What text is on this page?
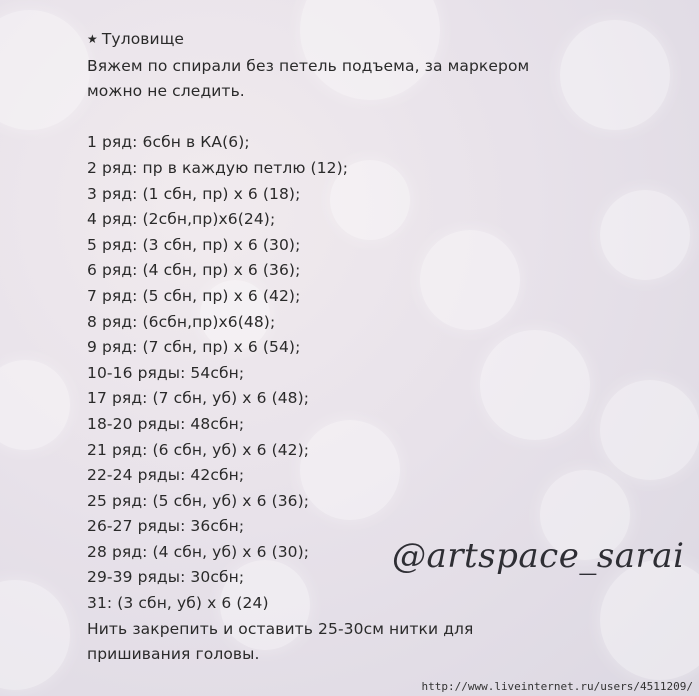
★ Туловище
Вяжем по спирали без петель подъема, за маркером
можно не следить.
1 ряд: 6сбн в КА(6);
2 ряд: пр в каждую петлю (12);
3 ряд: (1 сбн, пр) х 6 (18);
4 ряд: (2сбн,пр)х6(24);
5 ряд: (3 сбн, пр) х 6 (30);
6 ряд: (4 сбн, пр) х 6 (36);
7 ряд: (5 сбн, пр) х 6 (42);
8 ряд: (6сбн,пр)х6(48);
9 ряд: (7 сбн, пр) х 6 (54);
10-16 ряды: 54сбн;
17 ряд: (7 сбн, уб) х 6 (48);
18-20 ряды: 48сбн;
21 ряд: (6 сбн, уб) х 6 (42);
22-24 ряды: 42сбн;
25 ряд: (5 сбн, уб) х 6 (36);
26-27 ряды: 36сбн;
28 ряд: (4 сбн, уб) х 6 (30);
29-39 ряды: 30сбн;
31: (3 сбн, уб) х 6 (24)
Нить закрепить и оставить 25-30см нитки для
пришивания головы.
@artspace_sarai
http://www.liveinternet.ru/users/4511209/
